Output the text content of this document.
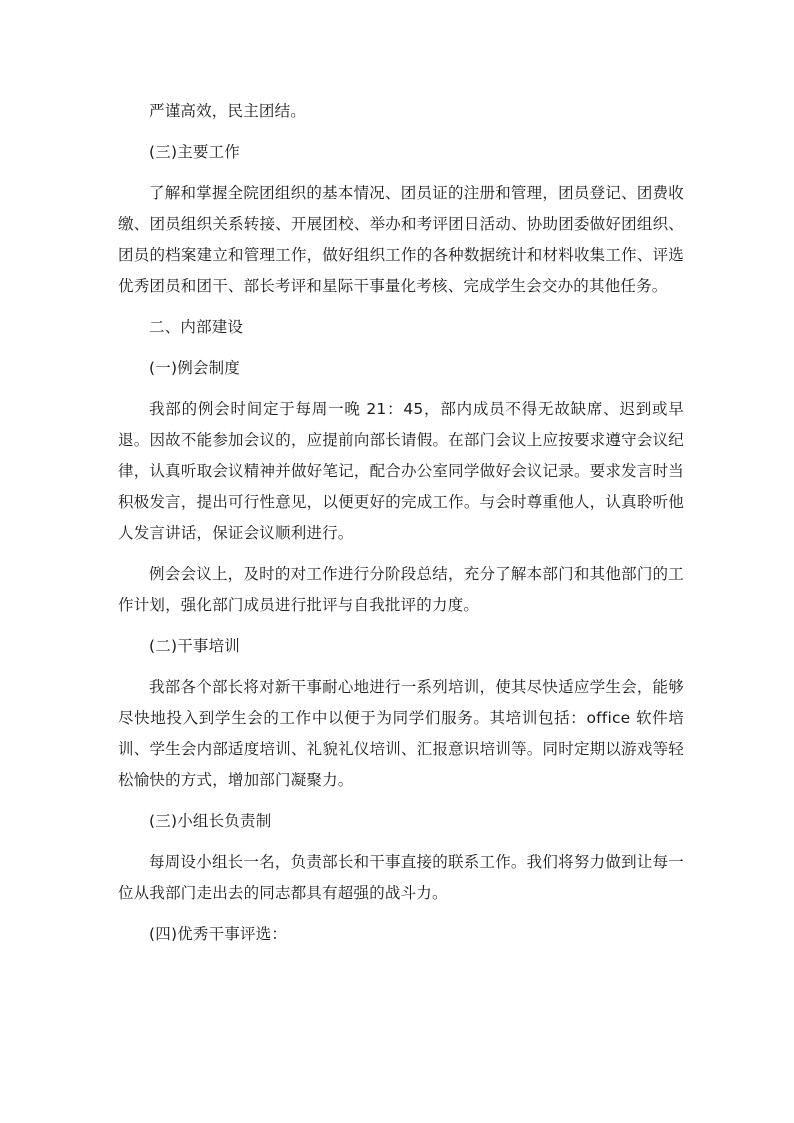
严谨高效，民主团结。

(三)主要工作

了解和掌握全院团组织的基本情况、团员证的注册和管理，团员登记、团费收缴、团员组织关系转接、开展团校、举办和考评团日活动、协助团委做好团组织、团员的档案建立和管理工作，做好组织工作的各种数据统计和材料收集工作、评选优秀团员和团干、部长考评和星际干事量化考核、完成学生会交办的其他任务。

二、内部建设

(一)例会制度

我部的例会时间定于每周一晚 21：45，部内成员不得无故缺席、迟到或早退。因故不能参加会议的，应提前向部长请假。在部门会议上应按要求遵守会议纪律，认真听取会议精神并做好笔记，配合办公室同学做好会议记录。要求发言时当积极发言，提出可行性意见，以便更好的完成工作。与会时尊重他人，认真聆听他人发言讲话，保证会议顺利进行。

例会会议上，及时的对工作进行分阶段总结，充分了解本部门和其他部门的工作计划，强化部门成员进行批评与自我批评的力度。

(二)干事培训

我部各个部长将对新干事耐心地进行一系列培训，使其尽快适应学生会，能够尽快地投入到学生会的工作中以便于为同学们服务。其培训包括：office 软件培训、学生会内部适度培训、礼貌礼仪培训、汇报意识培训等。同时定期以游戏等轻松愉快的方式，增加部门凝聚力。

(三)小组长负责制

每周设小组长一名，负责部长和干事直接的联系工作。我们将努力做到让每一位从我部门走出去的同志都具有超强的战斗力。

(四)优秀干事评选：
